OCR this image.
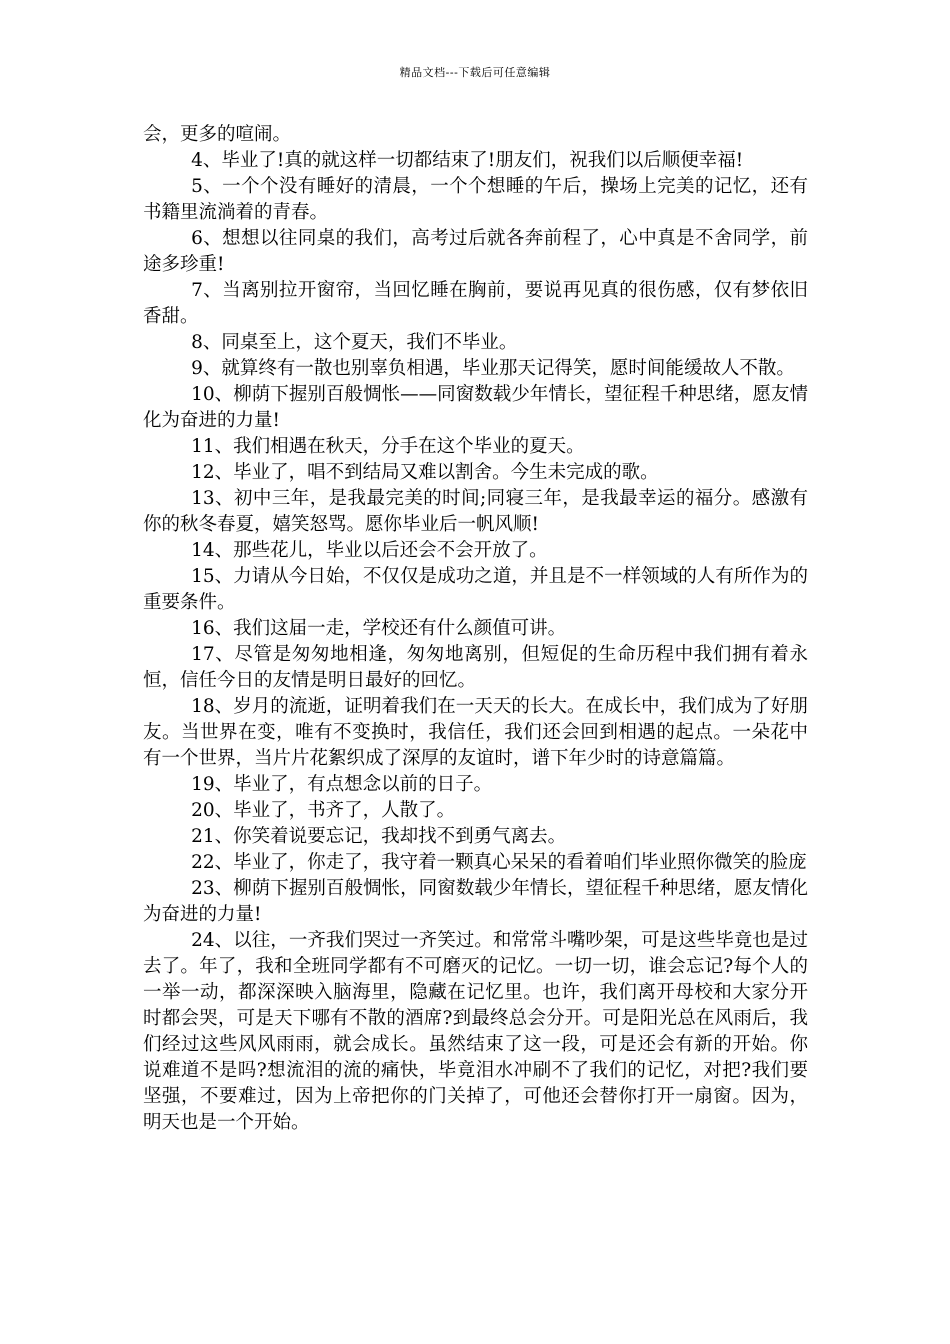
精品文档---下载后可任意编辑

会，更多的喧闹。

4、毕业了!真的就这样一切都结束了!朋友们，祝我们以后顺便幸福!

5、一个个没有睡好的清晨，一个个想睡的午后，操场上完美的记忆，还有书籍里流淌着的青春。

6、想想以往同桌的我们，高考过后就各奔前程了，心中真是不舍同学，前途多珍重!

7、当离别拉开窗帘，当回忆睡在胸前，要说再见真的很伤感，仅有梦依旧香甜。

8、同桌至上，这个夏天，我们不毕业。

9、就算终有一散也别辜负相遇，毕业那天记得笑，愿时间能缓故人不散。

10、柳荫下握别百般惆怅——同窗数载少年情长，望征程千种思绪，愿友情化为奋进的力量!

11、我们相遇在秋天，分手在这个毕业的夏天。

12、毕业了，唱不到结局又难以割舍。今生未完成的歌。

13、初中三年，是我最完美的时间;同寝三年，是我最幸运的福分。感激有你的秋冬春夏，嬉笑怒骂。愿你毕业后一帆风顺!

14、那些花儿，毕业以后还会不会开放了。

15、力请从今日始，不仅仅是成功之道，并且是不一样领域的人有所作为的重要条件。

16、我们这届一走，学校还有什么颜值可讲。

17、尽管是匆匆地相逢，匆匆地离别，但短促的生命历程中我们拥有着永恒，信任今日的友情是明日最好的回忆。

18、岁月的流逝，证明着我们在一天天的长大。在成长中，我们成为了好朋友。当世界在变，唯有不变换时，我信任，我们还会回到相遇的起点。一朵花中有一个世界，当片片花絮织成了深厚的友谊时，谱下年少时的诗意篇篇。

19、毕业了，有点想念以前的日子。

20、毕业了，书齐了，人散了。

21、你笑着说要忘记，我却找不到勇气离去。

22、毕业了，你走了，我守着一颗真心呆呆的看着咱们毕业照你微笑的脸庞

23、柳荫下握别百般惆怅，同窗数载少年情长，望征程千种思绪，愿友情化为奋进的力量!

24、以往，一齐我们哭过一齐笑过。和常常斗嘴吵架，可是这些毕竟也是过去了。年了，我和全班同学都有不可磨灭的记忆。一切一切，谁会忘记?每个人的一举一动，都深深映入脑海里，隐藏在记忆里。也许，我们离开母校和大家分开时都会哭，可是天下哪有不散的酒席?到最终总会分开。可是阳光总在风雨后，我们经过这些风风雨雨，就会成长。虽然结束了这一段，可是还会有新的开始。你说难道不是吗?想流泪的流的痛快，毕竟泪水冲刷不了我们的记忆，对把?我们要坚强，不要难过，因为上帝把你的门关掉了，可他还会替你打开一扇窗。因为，明天也是一个开始。
